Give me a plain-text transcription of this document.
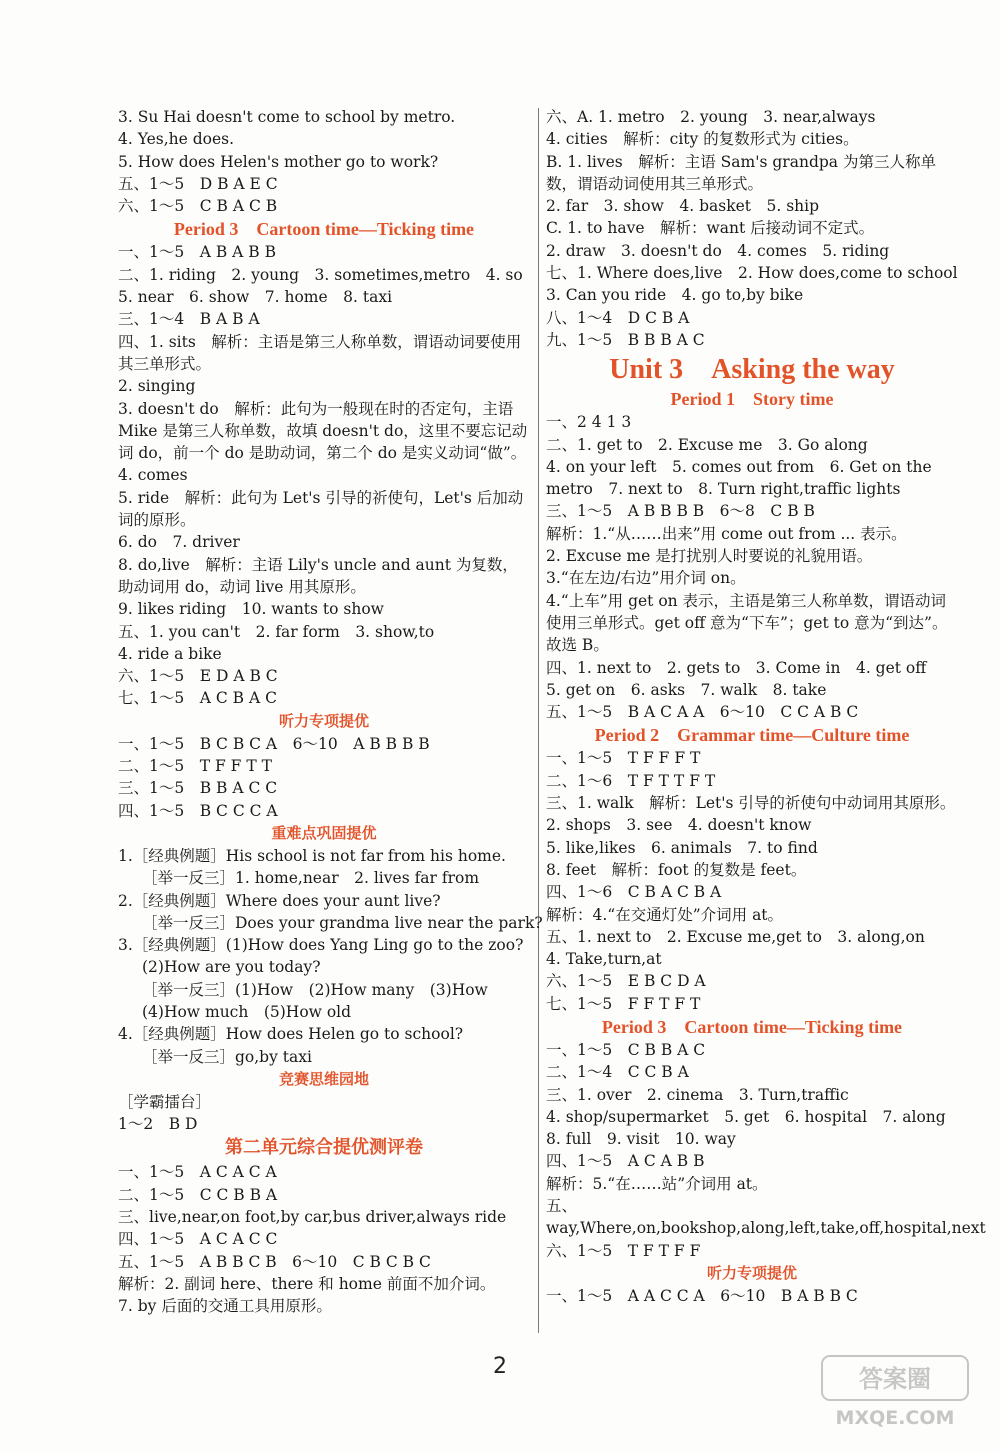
3. Su Hai doesn't come to school by metro.
4. Yes,he does.
5. How does Helen's mother go to work?
五、1～5　D B A E C
六、1～5　C B A C B
Period 3　Cartoon time—Ticking time
一、1～5　A B A B B
二、1. riding　2. young　3. sometimes,metro　4. so
5. near　6. show　7. home　8. taxi
三、1～4　B A B A
四、1. sits　解析：主语是第三人称单数，谓语动词要使用其三单形式。
2. singing
3. doesn't do　解析：此句为一般现在时的否定句，主语 Mike 是第三人称单数，故填 doesn't do，这里不要忘记动词 do，前一个 do 是助动词，第二个 do 是实义动词“做”。
4. comes
5. ride　解析：此句为 Let's 引导的祈使句，Let's 后加动词的原形。
6. do　7. driver
8. do,live　解析：主语 Lily's uncle and aunt 为复数，助动词用 do，动词 live 用其原形。
9. likes riding　10. wants to show
五、1. you can't　2. far form　3. show,to
4. ride a bike
六、1～5　E D A B C
七、1～5　A C B A C
听力专项提优
一、1～5　B C B C A　6～10　A B B B B
二、1～5　T F F T T
三、1～5　B B A C C
四、1～5　B C C C A
重难点巩固提优
1.［经典例题］His school is not far from his home.
［举一反三］1. home,near　2. lives far from
2.［经典例题］Where does your aunt live?
［举一反三］Does your grandma live near the park?
3.［经典例题］(1)How does Yang Ling go to the zoo?
(2)How are you today?
［举一反三］(1)How　(2)How many　(3)How
(4)How much　(5)How old
4.［经典例题］How does Helen go to school?
［举一反三］go,by taxi
竞赛思维园地
［学霸擂台］
1～2　B D
第二单元综合提优测评卷
一、1～5　A C A C A
二、1～5　C C B B A
三、live,near,on foot,by car,bus driver,always ride
四、1～5　A C A C C
五、1～5　A B B C B　6～10　C B C B C
解析：2. 副词 here、there 和 home 前面不加介词。
7. by 后面的交通工具用原形。
六、A. 1. metro　2. young　3. near,always
4. cities　解析：city 的复数形式为 cities。
B. 1. lives　解析：主语 Sam's grandpa 为第三人称单数，谓语动词使用其三单形式。
2. far　3. show　4. basket　5. ship
C. 1. to have　解析：want 后接动词不定式。
2. draw　3. doesn't do　4. comes　5. riding
七、1. Where does,live　2. How does,come to school
3. Can you ride　4. go to,by bike
八、1～4　D C B A
九、1～5　B B B A C
Unit 3　Asking the way
Period 1　Story time
一、2 4 1 3
二、1. get to　2. Excuse me　3. Go along
4. on your left　5. comes out from　6. Get on the metro　7. next to　8. Turn right,traffic lights
三、1～5　A B B B B　6～8　C B B
解析：1.“从……出来”用 come out from ... 表示。
2. Excuse me 是打扰别人时要说的礼貌用语。
3.“在左边/右边”用介词 on。
4.“上车”用 get on 表示，主语是第三人称单数，谓语动词使用三单形式。get off 意为“下车”；get to 意为“到达”。故选 B。
四、1. next to　2. gets to　3. Come in　4. get off
5. get on　6. asks　7. walk　8. take
五、1～5　B A C A A　6～10　C C A B C
Period 2　Grammar time—Culture time
一、1～5　T F F F T
二、1～6　T F T T F T
三、1. walk　解析：Let's 引导的祈使句中动词用其原形。
2. shops　3. see　4. doesn't know
5. like,likes　6. animals　7. to find
8. feet　解析：foot 的复数是 feet。
四、1～6　C B A C B A
解析：4.“在交通灯处”介词用 at。
五、1. next to　2. Excuse me,get to　3. along,on
4. Take,turn,at
六、1～5　E B C D A
七、1～5　F F T F T
Period 3　Cartoon time—Ticking time
一、1～5　C B B A C
二、1～4　C C B A
三、1. over　2. cinema　3. Turn,traffic
4. shop/supermarket　5. get　6. hospital　7. along
8. full　9. visit　10. way
四、1～5　A C A B B
解析：5.“在……站”介词用 at。
五、way,Where,on,bookshop,along,left,take,off,hospital,next
六、1～5　T F T F F
听力专项提优
一、1～5　A A C C A　6～10　B A B B C
2	答案圈
MXQE.COM
